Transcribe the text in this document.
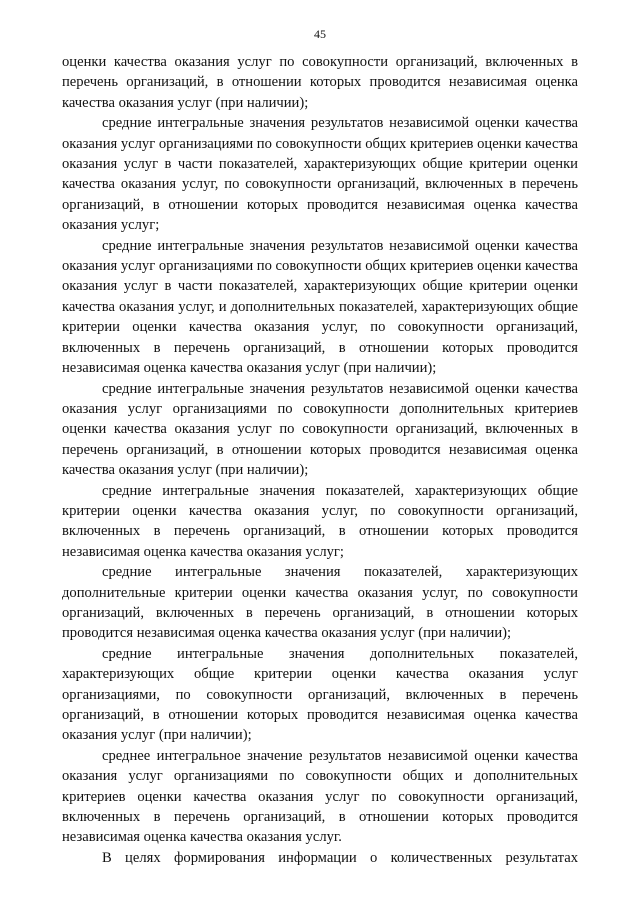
45

оценки качества оказания услуг по совокупности организаций, включенных в перечень организаций, в отношении которых проводится независимая оценка качества оказания услуг (при наличии);

средние интегральные значения результатов независимой оценки качества оказания услуг организациями по совокупности общих критериев оценки качества оказания услуг в части показателей, характеризующих общие критерии оценки качества оказания услуг, по совокупности организаций, включенных в перечень организаций, в отношении которых проводится независимая оценка качества оказания услуг;

средние интегральные значения результатов независимой оценки качества оказания услуг организациями по совокупности общих критериев оценки качества оказания услуг в части показателей, характеризующих общие критерии оценки качества оказания услуг, и дополнительных показателей, характеризующих общие критерии оценки качества оказания услуг, по совокупности организаций, включенных в перечень организаций, в отношении которых проводится независимая оценка качества оказания услуг (при наличии);

средние интегральные значения результатов независимой оценки качества оказания услуг организациями по совокупности дополнительных критериев оценки качества оказания услуг по совокупности организаций, включенных в перечень организаций, в отношении которых проводится независимая оценка качества оказания услуг (при наличии);

средние интегральные значения показателей, характеризующих общие критерии оценки качества оказания услуг, по совокупности организаций, включенных в перечень организаций, в отношении которых проводится независимая оценка качества оказания услуг;

средние интегральные значения показателей, характеризующих дополнительные критерии оценки качества оказания услуг, по совокупности организаций, включенных в перечень организаций, в отношении которых проводится независимая оценка качества оказания услуг (при наличии);

средние интегральные значения дополнительных показателей, характеризующих общие критерии оценки качества оказания услуг организациями, по совокупности организаций, включенных в перечень организаций, в отношении которых проводится независимая оценка качества оказания услуг (при наличии);

среднее интегральное значение результатов независимой оценки качества оказания услуг организациями по совокупности общих и дополнительных критериев оценки качества оказания услуг по совокупности организаций, включенных в перечень организаций, в отношении которых проводится независимая оценка качества оказания услуг.

В целях формирования информации о количественных результатах
